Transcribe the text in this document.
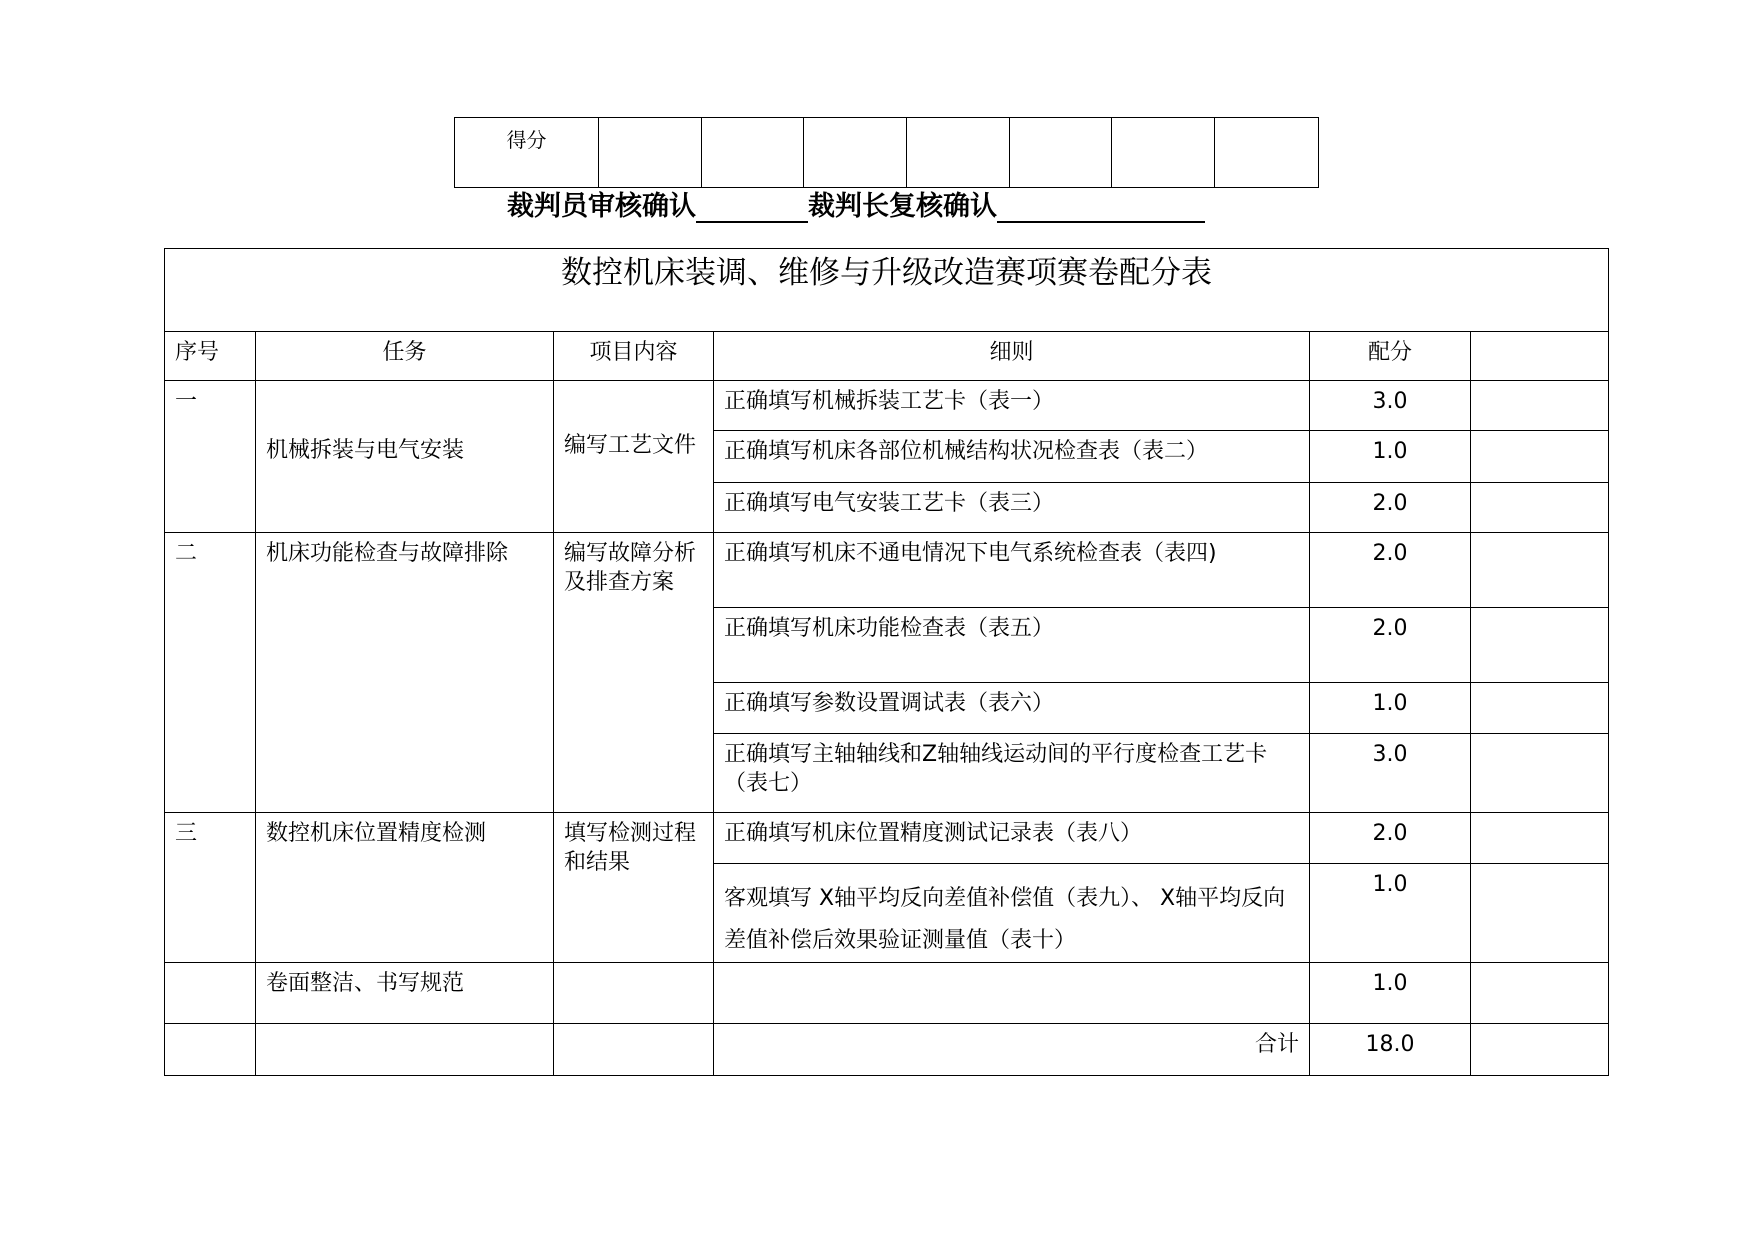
得分							
裁判员审核确认	裁判长复核确认
数控机床装调、维修与升级改造赛项赛卷配分表					
序号	任务	项目内容	细则	配分	
一	机械拆装与电气安装	编写工艺文件	正确填写机械拆装工艺卡（表一）	3.0	
			正确填写机床各部位机械结构状况检查表（表二）	1.0	
			正确填写电气安装工艺卡（表三）	2.0	
二	机床功能检查与故障排除	编写故障分析及排查方案	正确填写机床不通电情况下电气系统检查表（表四)	2.0	
			正确填写机床功能检查表（表五）	2.0	
			正确填写参数设置调试表（表六）	1.0	
			正确填写主轴轴线和Z轴轴线运动间的平行度检查工艺卡（表七）	3.0	
三	数控机床位置精度检测	填写检测过程和结果	正确填写机床位置精度测试记录表（表八）	2.0	
			客观填写 X轴平均反向差值补偿值（表九）、 X轴平均反向差值补偿后效果验证测量值（表十）	1.0	
	卷面整洁、书写规范			1.0	
			合计	18.0	
